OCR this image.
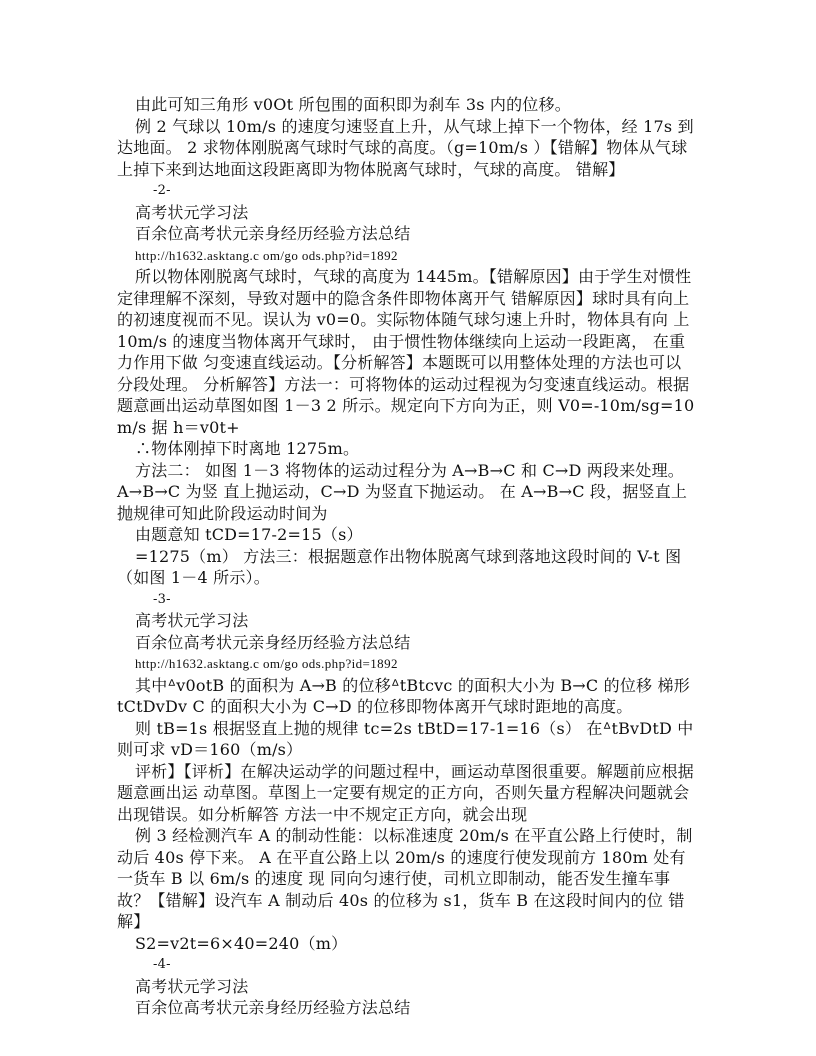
由此可知三角形 v0Ot 所包围的面积即为刹车 3s 内的位移。

例 2 气球以 10m/s 的速度匀速竖直上升，从气球上掉下一个物体，经 17s 到达地面。 2 求物体刚脱离气球时气球的高度。（g=10m/s ）【错解】物体从气球上掉下来到达地面这段距离即为物体脱离气球时，气球的高度。 错解】

-2-

高考状元学习法

百余位高考状元亲身经历经验方法总结

http://h1632.asktang.c om/go ods.php?id=1892

所以物体刚脱离气球时，气球的高度为 1445m。【错解原因】由于学生对惯性定律理解不深刻，导致对题中的隐含条件即物体离开气 错解原因】球时具有向上的初速度视而不见。误认为 v0=0。实际物体随气球匀速上升时，物体具有向 上 10m/s 的速度当物体离开气球时， 由于惯性物体继续向上运动一段距离， 在重力作用下做 匀变速直线运动。【分析解答】本题既可以用整体处理的方法也可以分段处理。 分析解答】方法一：可将物体的运动过程视为匀变速直线运动。根据题意画出运动草图如图 1－3 2 所示。规定向下方向为正，则 V0=-10m/sg=10m/s 据 h＝v0t+

∴物体刚掉下时离地 1275m。

方法二： 如图 1－3 将物体的运动过程分为 A→B→C 和 C→D 两段来处理。A→B→C 为竖 直上抛运动，C→D 为竖直下抛运动。 在 A→B→C 段，据竖直上抛规律可知此阶段运动时间为

由题意知 tCD=17-2=15（s）

=1275（m） 方法三：根据题意作出物体脱离气球到落地这段时间的 V-t 图（如图 1－4 所示）。

-3-

高考状元学习法

百余位高考状元亲身经历经验方法总结

http://h1632.asktang.c om/go ods.php?id=1892

其中ᐞv0otB 的面积为 A→B 的位移ᐞtBtcvc 的面积大小为 B→C 的位移 梯形 tCtDvDv C 的面积大小为 C→D 的位移即物体离开气球时距地的高度。

则 tB=1s 根据竖直上抛的规律 tc=2s tBtD=17-1=16（s） 在ᐞtBvDtD 中则可求 vD＝160（m/s）

评析】【评析】在解决运动学的问题过程中，画运动草图很重要。解题前应根据题意画出运 动草图。草图上一定要有规定的正方向，否则矢量方程解决问题就会出现错误。如分析解答 方法一中不规定正方向，就会出现

例 3 经检测汽车 A 的制动性能：以标准速度 20m/s 在平直公路上行使时，制动后 40s 停下来。 A 在平直公路上以 20m/s 的速度行使发现前方 180m 处有一货车 B 以 6m/s 的速度 现 同向匀速行使，司机立即制动，能否发生撞车事故？【错解】设汽车 A 制动后 40s 的位移为 s1，货车 B 在这段时间内的位 错解】

S2=v2t=6×40=240（m）

-4-

高考状元学习法

百余位高考状元亲身经历经验方法总结
